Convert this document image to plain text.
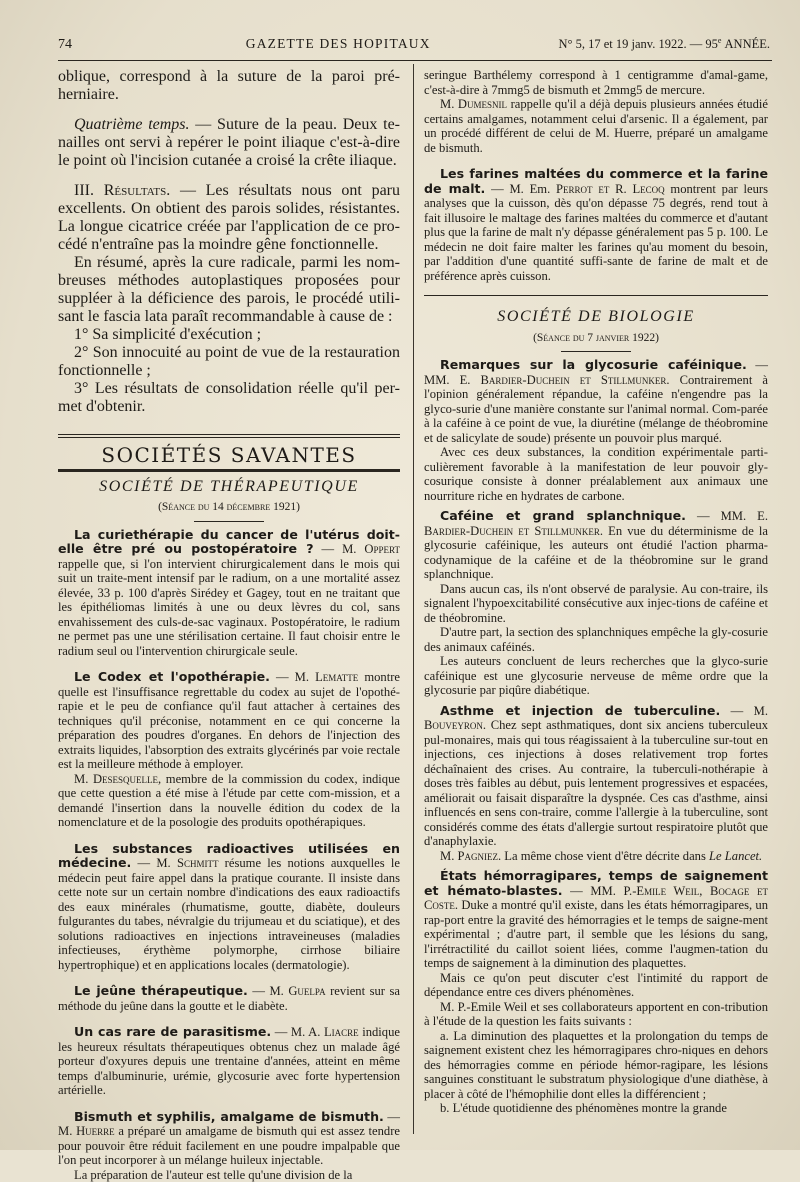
74	GAZETTE DES HOPITAUX	N° 5, 17 et 19 janv. 1922. — 95e ANNÉE.

oblique, correspond à la suture de la paroi pré-herniaire.

Quatrième temps. — Suture de la peau. Deux te-nailles ont servi à repérer le point iliaque c'est-à-dire le point où l'incision cutanée a croisé la crête iliaque.

III. Résultats. — Les résultats nous ont paru excellents. On obtient des parois solides, résistantes. La longue cicatrice créée par l'application de ce pro-cédé n'entraîne pas la moindre gêne fonctionnelle.

En résumé, après la cure radicale, parmi les nom-breuses méthodes autoplastiques proposées pour suppléer à la déficience des parois, le procédé utili-sant le fascia lata paraît recommandable à cause de :

1° Sa simplicité d'exécution ;

2° Son innocuité au point de vue de la restauration fonctionnelle ;

3° Les résultats de consolidation réelle qu'il per-met d'obtenir.

SOCIÉTÉS SAVANTES
SOCIÉTÉ DE THÉRAPEUTIQUE
(Séance du 14 décembre 1921)

La curiethérapie du cancer de l'utérus doit-elle être pré ou postopératoire ? — M. Oppert rappelle que, si l'on intervient chirurgicalement dans le mois qui suit un traite-ment intensif par le radium, on a une mortalité assez élevée, 33 p. 100 d'après Sirédey et Gagey, tout en ne traitant que les épithéliomas limités à une ou deux lèvres du col, sans envahissement des culs-de-sac vaginaux. Postopératoire, le radium ne permet pas une une stérilisation certaine. Il faut choisir entre le radium seul ou l'intervention chirurgicale seule.

Le Codex et l'opothérapie. — M. Lematte montre quelle est l'insuffisance regrettable du codex au sujet de l'opothé-rapie et le peu de confiance qu'il faut attacher à certaines des techniques qu'il préconise, notamment en ce qui concerne la préparation des poudres d'organes. En dehors de l'injection des extraits liquides, l'absorption des extraits glycérinés par voie rectale est la meilleure méthode à employer.

M. Desesquelle, membre de la commission du codex, indique que cette question a été mise à l'étude par cette com-mission, et a demandé l'insertion dans la nouvelle édition du codex de la nomenclature et de la posologie des produits opothérapiques.

Les substances radioactives utilisées en médecine. — M. Schmitt résume les notions auxquelles le médecin peut faire appel dans la pratique courante. Il insiste dans cette note sur un certain nombre d'indications des eaux radioactifs des eaux minérales (rhumatisme, goutte, diabète, douleurs fulgurantes du tabes, névralgie du trijumeau et du sciatique), et des solutions radioactives en injections intraveineuses (maladies infectieuses, érythème polymorphe, cirrhose biliaire hypertrophique) et en applications locales (dermatologie).

Le jeûne thérapeutique. — M. Guelpa revient sur sa méthode du jeûne dans la goutte et le diabète.

Un cas rare de parasitisme. — M. A. Liacre indique les heureux résultats thérapeutiques obtenus chez un malade âgé porteur d'oxyures depuis une trentaine d'années, atteint en même temps d'albuminurie, urémie, glycosurie avec forte hypertension artérielle.

Bismuth et syphilis, amalgame de bismuth. — M. Huerre a préparé un amalgame de bismuth qui est assez tendre pour pouvoir être réduit facilement en une poudre impalpable que l'on peut incorporer à un mélange huileux injectable.

La préparation de l'auteur est telle qu'une division de la

seringue Barthélemy correspond à 1 centigramme d'amal-game, c'est-à-dire à 7mmg5 de bismuth et 2mmg5 de mercure.

M. Dumesnil rappelle qu'il a déjà depuis plusieurs années étudié certains amalgames, notamment celui d'arsenic. Il a également, par un procédé différent de celui de M. Huerre, préparé un amalgame de bismuth.

Les farines maltées du commerce et la farine de malt. — M. Em. Perrot et R. Lecoq montrent par leurs analyses que la cuisson, dès qu'on dépasse 75 degrés, rend tout à fait illusoire le maltage des farines maltées du commerce et d'autant plus que la farine de malt n'y dépasse généralement pas 5 p. 100. Le médecin ne doit faire malter les farines qu'au moment du besoin, par l'addition d'une quantité suffi-sante de farine de malt et de préférence après cuisson.

SOCIÉTÉ DE BIOLOGIE
(Séance du 7 janvier 1922)

Remarques sur la glycosurie caféinique. — MM. E. Bardier-Duchein et Stillmunker. Contrairement à l'opinion généralement répandue, la caféine n'engendre pas la glyco-surie d'une manière constante sur l'animal normal. Com-parée à la caféine à ce point de vue, la diurétine (mélange de théobromine et de salicylate de soude) présente un pouvoir plus marqué.

Avec ces deux substances, la condition expérimentale parti-culièrement favorable à la manifestation de leur pouvoir gly-cosurique consiste à donner préalablement aux animaux une nourriture riche en hydrates de carbone.

Caféine et grand splanchnique. — MM. E. Bardier-Duchein et Stillmunker. En vue du déterminisme de la glycosurie caféinique, les auteurs ont étudié l'action pharma-codynamique de la caféine et de la théobromine sur le grand splanchnique.

Dans aucun cas, ils n'ont observé de paralysie. Au con-traire, ils signalent l'hypoexcitabilité consécutive aux injec-tions de caféine et de théobromine.

D'autre part, la section des splanchniques empêche la gly-cosurie des animaux caféinés.

Les auteurs concluent de leurs recherches que la glyco-surie caféinique est une glycosurie nerveuse de même ordre que la glycosurie par piqûre diabétique.

Asthme et injection de tuberculine. — M. Bouveyron. Chez sept asthmatiques, dont six anciens tuberculeux pul-monaires, mais qui tous réagissaient à la tuberculine sur-tout en injections, ces injections à doses relativement trop fortes déchaînaient des crises. Au contraire, la tuberculi-nothérapie à doses très faibles au début, puis lentement progressives et espacées, améliorait ou faisait disparaître la dyspnée. Ces cas d'asthme, ainsi influencés en sens con-traire, comme l'allergie à la tuberculine, sont considérés comme des états d'allergie surtout respiratoire plutôt que d'anaphylaxie.

M. Pagniez. La même chose vient d'être décrite dans Le Lancet.

États hémorragipares, temps de saignement et hémato-blastes. — MM. P.-Emile Weil, Bocage et Coste. Duke a montré qu'il existe, dans les états hémorragipares, un rap-port entre la gravité des hémorragies et le temps de saigne-ment expérimental ; d'autre part, il semble que les lésions du sang, l'irrétractilité du caillot soient liées, comme l'augmen-tation du temps de saignement à la diminution des plaquettes.

Mais ce qu'on peut discuter c'est l'intimité du rapport de dépendance entre ces divers phénomènes.

M. P.-Emile Weil et ses collaborateurs apportent en con-tribution à l'étude de la question les faits suivants :

a. La diminution des plaquettes et la prolongation du temps de saignement existent chez les hémorragipares chro-niques en dehors des hémorragies comme en période hémor-ragipare, les lésions sanguines constituant le substratum physiologique d'une diathèse, à placer à côté de l'hémophilie dont elles la différencient ;

b. L'étude quotidienne des phénomènes montre la grande
